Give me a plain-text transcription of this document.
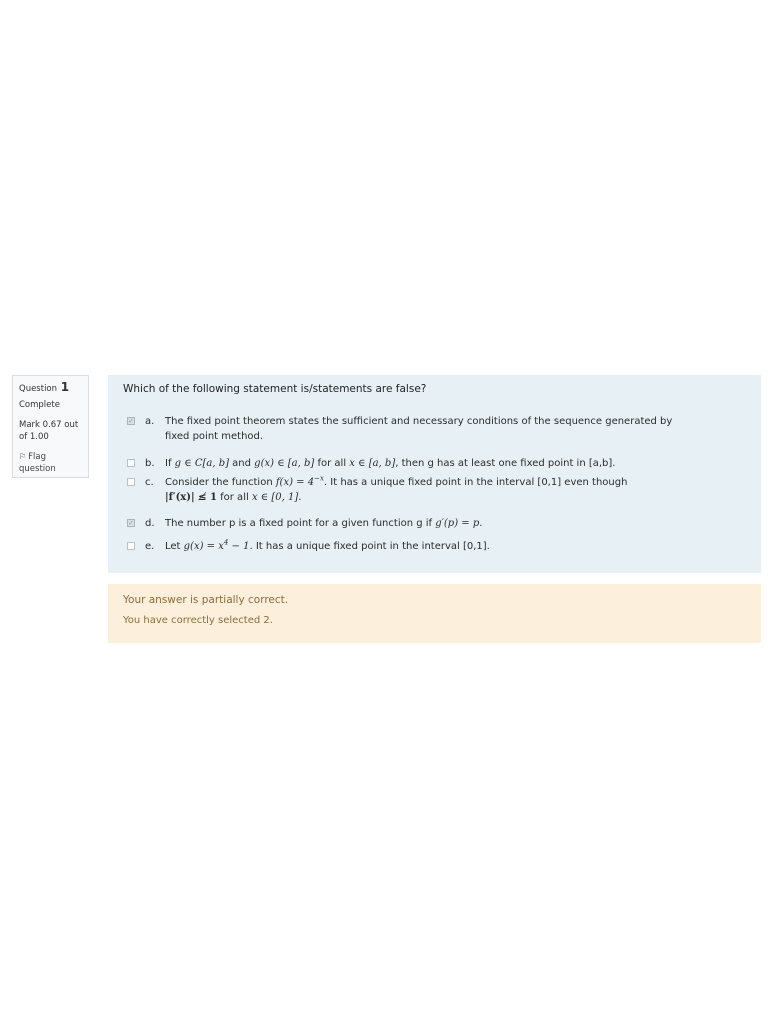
Question 1
Complete
Mark 0.67 out
of 1.00
⚐ Flag question
Which of the following statement is/statements are false?
✓ a. The fixed point theorem states the sufficient and necessary conditions of the sequence generated by
fixed point method.
b. If g ∈ C[a, b] and g(x) ∈ [a, b] for all x ∈ [a, b], then g has at least one fixed point in [a,b].
c. Consider the function $f(x) = 4^{-x}$. It has a unique fixed point in the interval [0,1] even though
|f′(x)| ≰ 1 for all x ∈ [0, 1].
✓ d. The number p is a fixed point for a given function g if g′(p) = p.
e. Let $g(x) = x^4 - 1$. It has a unique fixed point in the interval [0,1].
Your answer is partially correct.
You have correctly selected 2.
